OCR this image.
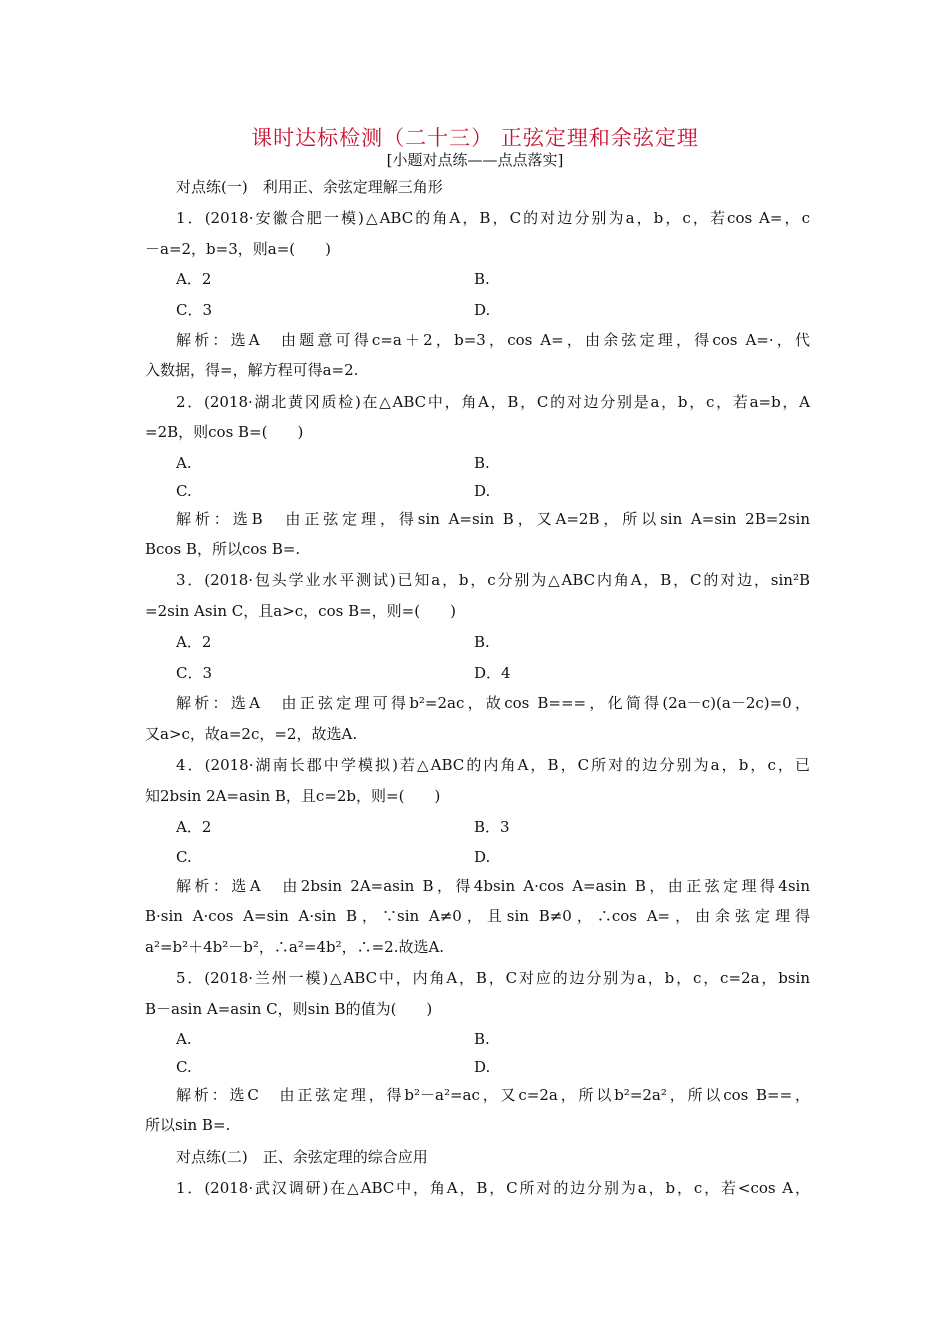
课时达标检测（二十三） 正弦定理和余弦定理
[小题对点练——点点落实]
对点练(一)　利用正、余弦定理解三角形
1．(2018·安徽合肥一模)△ABC的角A，B，C的对边分别为a，b，c，若cos A=，c
－a=2，b=3，则a=(　　)
A．2	B.
C．3	D.
解析：选A　由题意可得c=a＋2，b=3，cos A=，由余弦定理，得cos A=·，代
入数据，得=，解方程可得a=2.
2．(2018·湖北黄冈质检)在△ABC中，角A，B，C的对边分别是a，b，c，若a=b，A
=2B，则cos B=(　　)
A.	B.
C.	D.
解析：选B　由正弦定理，得sin A=sin B，又A=2B，所以sin A=sin 2B=2sin
Bcos B，所以cos B=.
3．(2018·包头学业水平测试)已知a，b，c分别为△ABC内角A，B，C的对边，sin²B
=2sin Asin C，且a>c，cos B=，则=(　　)
A．2	B.
C．3	D．4
解析：选A　由正弦定理可得b²=2ac，故cos B===，化简得(2a－c)(a－2c)=0，
又a>c，故a=2c，=2，故选A.
4．(2018·湖南长郡中学模拟)若△ABC的内角A，B，C所对的边分别为a，b，c，已
知2bsin 2A=asin B，且c=2b，则=(　　)
A．2	B．3
C.	D.
解析：选A　由2bsin 2A=asin B，得4bsin A·cos A=asin B，由正弦定理得4sin
B·sin A·cos A=sin A·sin B，∵sin A≠0，且sin B≠0，∴cos A=，由余弦定理得
a²=b²＋4b²－b²，∴a²=4b²，∴=2.故选A.
5．(2018·兰州一模)△ABC中，内角A，B，C对应的边分别为a，b，c，c=2a，bsin
B－asin A=asin C，则sin B的值为(　　)
A.	B.
C.	D.
解析：选C　由正弦定理，得b²－a²=ac，又c=2a，所以b²=2a²，所以cos B==，
所以sin B=.
对点练(二)　正、余弦定理的综合应用
1．(2018·武汉调研)在△ABC中，角A，B，C所对的边分别为a，b，c，若<cos A，
